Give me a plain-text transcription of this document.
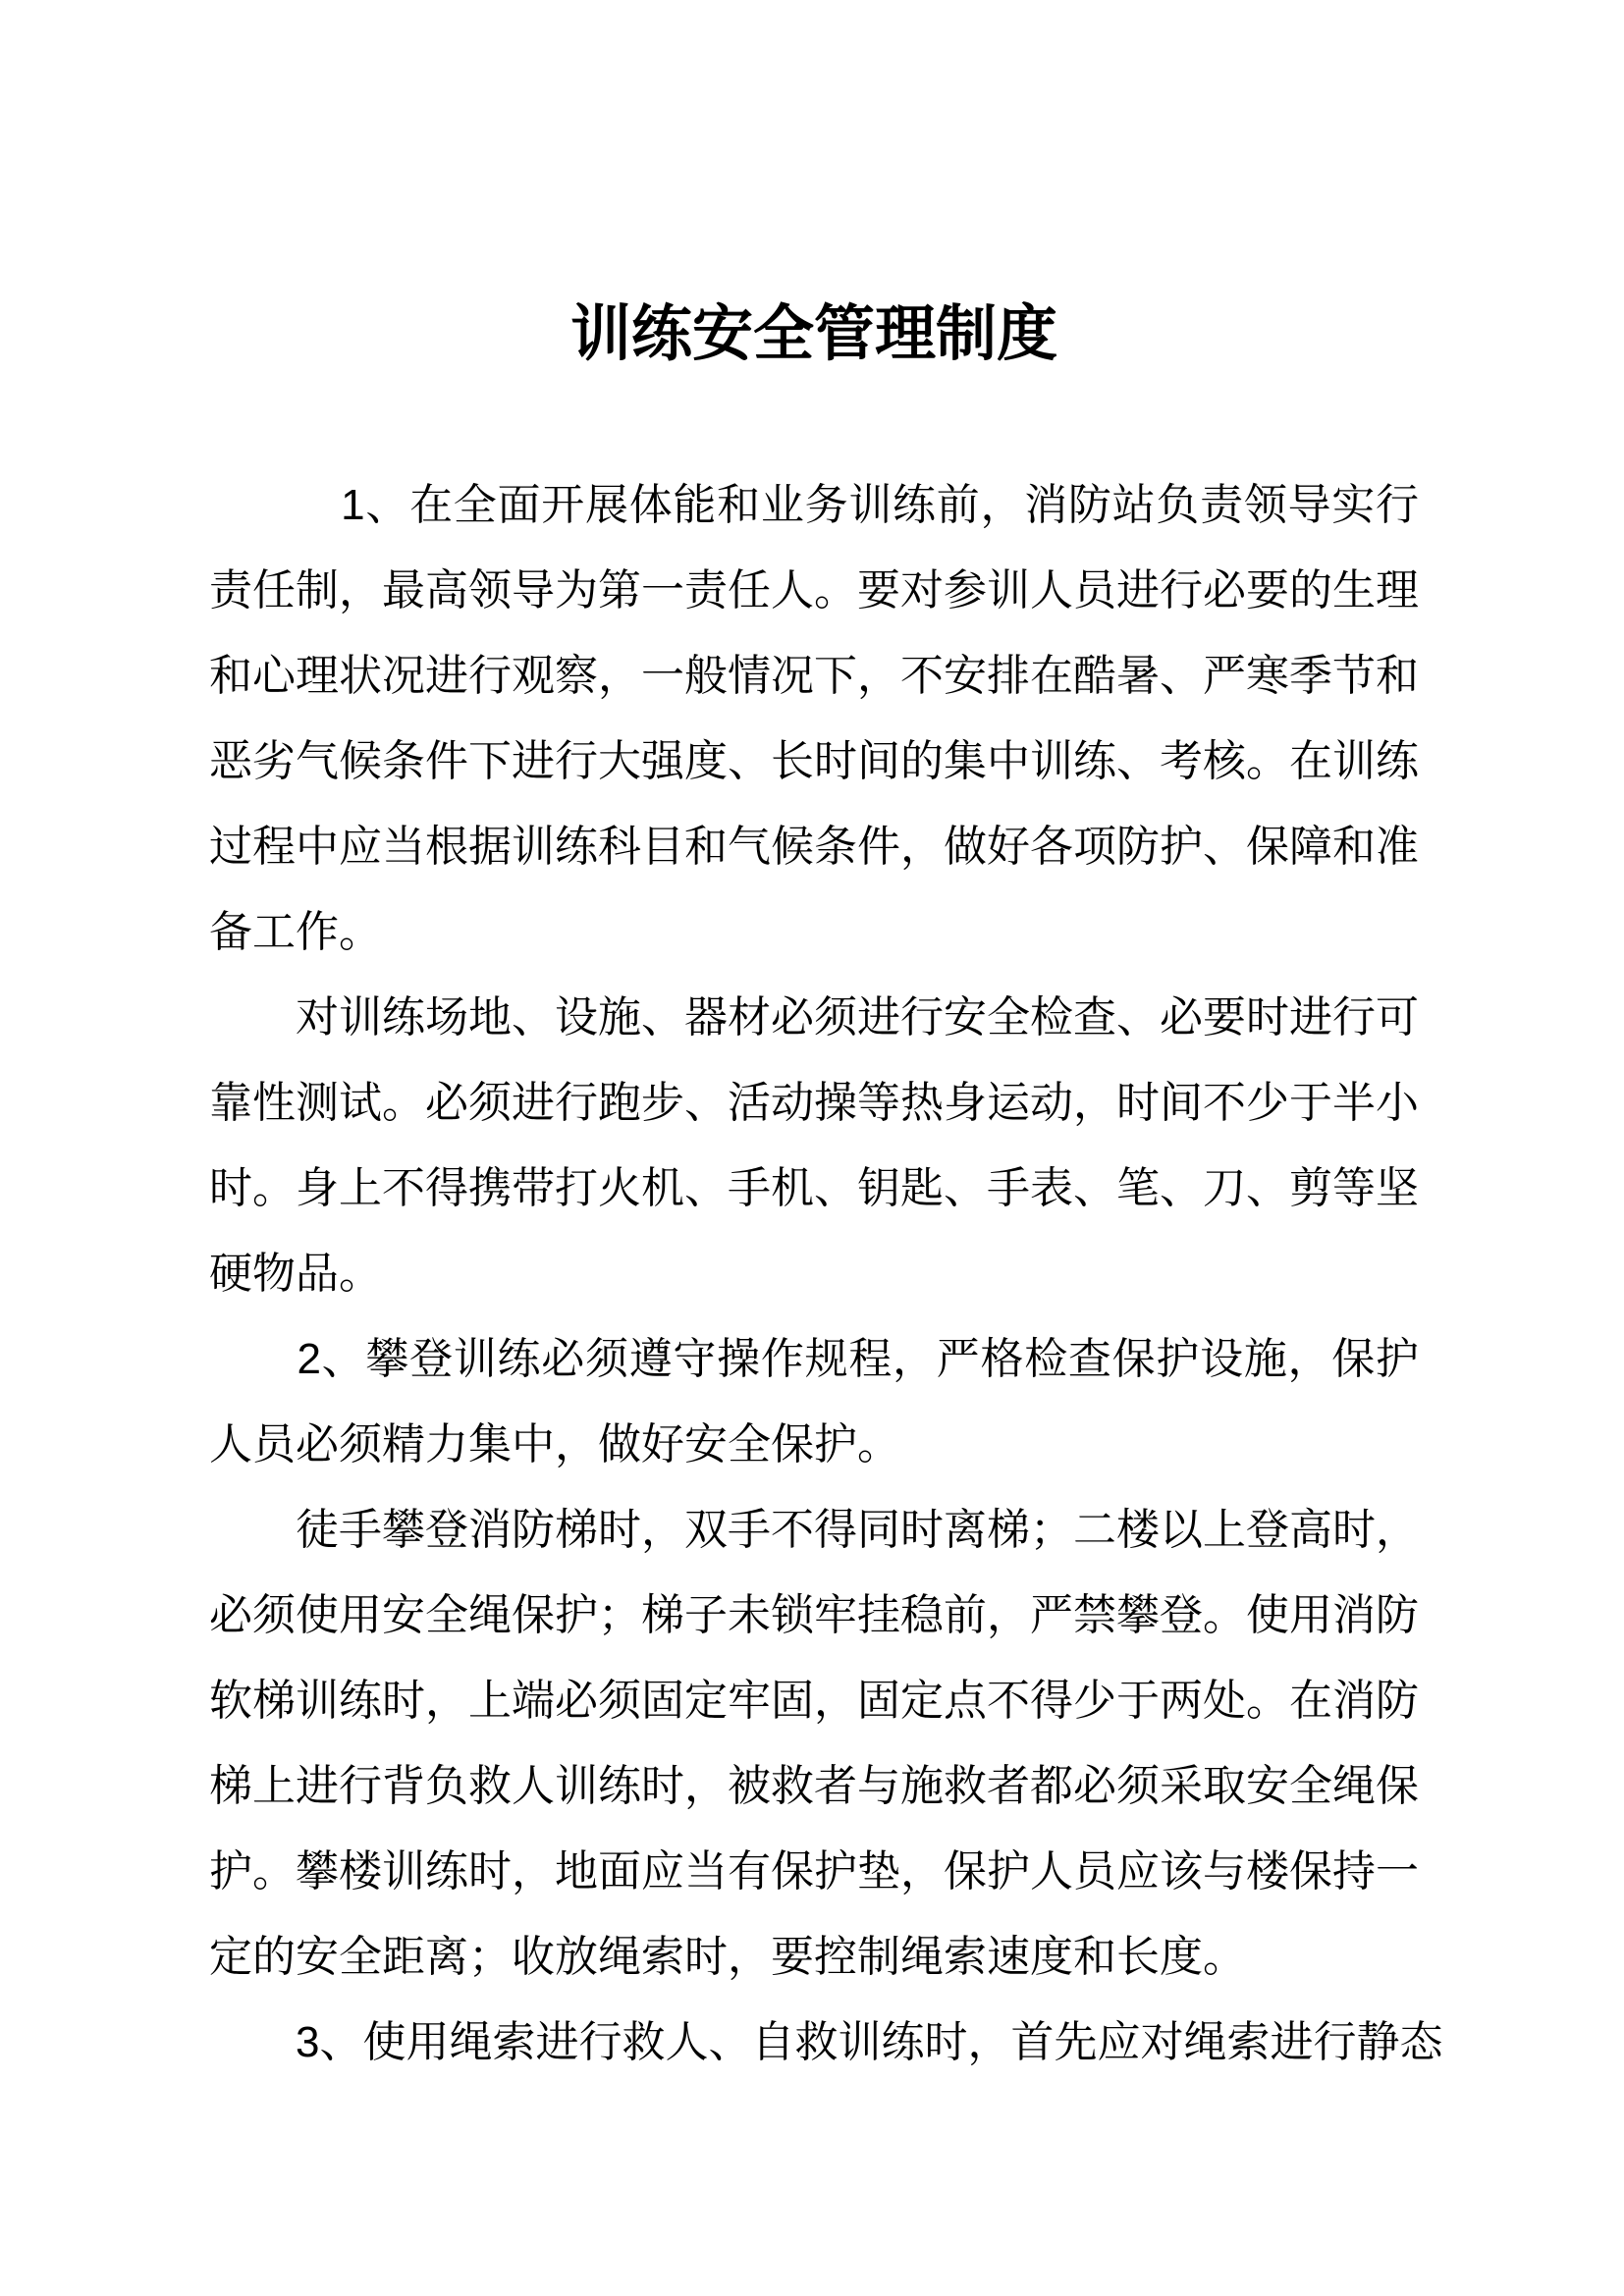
训练安全管理制度

　　　1、在全面开展体能和业务训练前，消防站负责领导实行责任制，最高领导为第一责任人。要对参训人员进行必要的生理和心理状况进行观察，一般情况下，不安排在酷暑、严寒季节和恶劣气候条件下进行大强度、长时间的集中训练、考核。在训练过程中应当根据训练科目和气候条件，做好各项防护、保障和准备工作。

　　对训练场地、设施、器材必须进行安全检查、必要时进行可靠性测试。必须进行跑步、活动操等热身运动，时间不少于半小时。身上不得携带打火机、手机、钥匙、手表、笔、刀、剪等坚硬物品。

　　2、攀登训练必须遵守操作规程，严格检查保护设施，保护人员必须精力集中，做好安全保护。

　　徒手攀登消防梯时，双手不得同时离梯；二楼以上登高时，必须使用安全绳保护；梯子未锁牢挂稳前，严禁攀登。使用消防软梯训练时，上端必须固定牢固，固定点不得少于两处。在消防梯上进行背负救人训练时，被救者与施救者都必须采取安全绳保护。攀楼训练时，地面应当有保护垫，保护人员应该与楼保持一定的安全距离；收放绳索时，要控制绳索速度和长度。

　　3、使用绳索进行救人、自救训练时，首先应对绳索进行静态
